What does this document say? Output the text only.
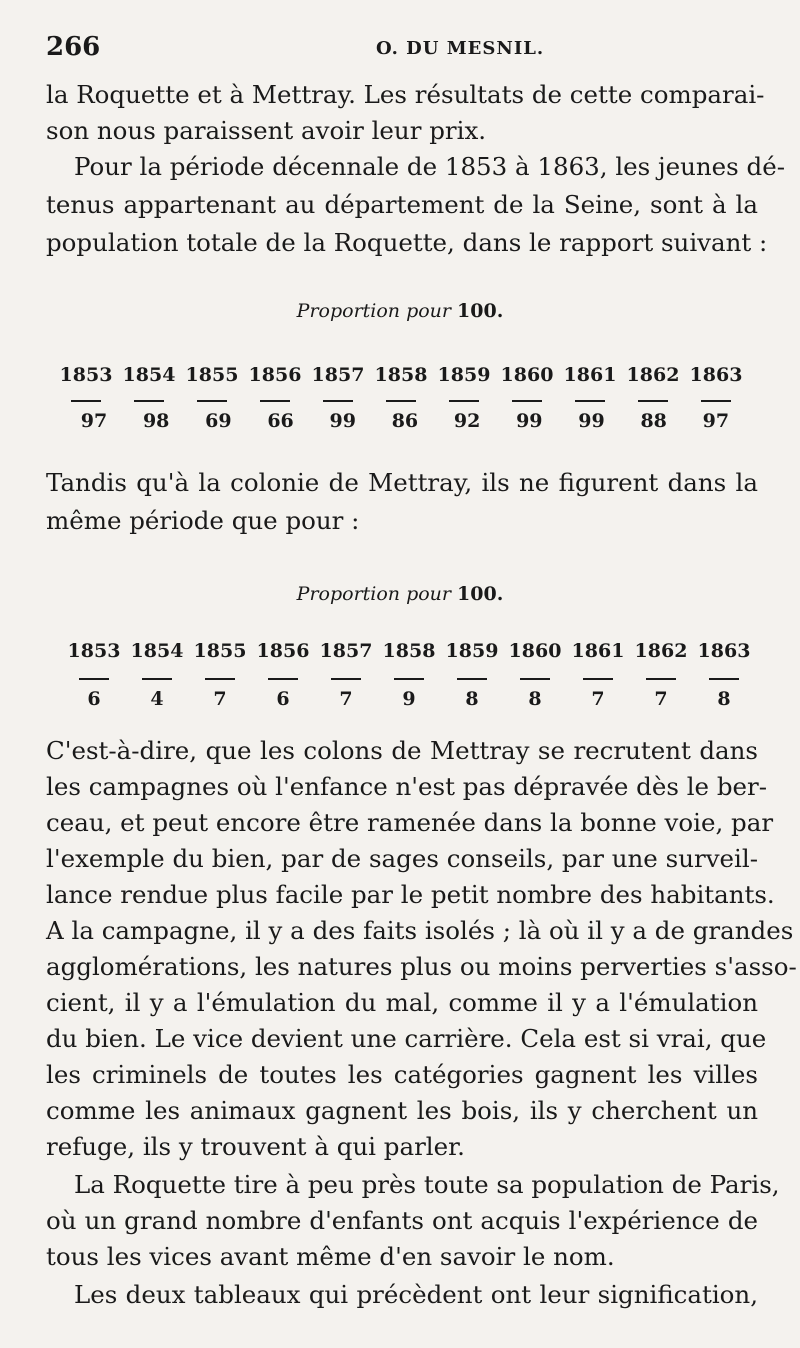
266	O. DU MESNIL.
la Roquette et à Mettray. Les résultats de cette comparai-
son nous paraissent avoir leur prix.
Pour la période décennale de 1853 à 1863, les jeunes dé-
tenus appartenant au département de la Seine, sont à la
population totale de la Roquette, dans le rapport suivant :
Proportion pour 100.
1853 1854 1855 1856 1857 1858 1859 1860 1861 1862 1863
97	98	69	66	99	86	92	99	99	88	97
Tandis qu'à la colonie de Mettray, ils ne figurent dans la
même période que pour :
Proportion pour 100.
1853 1854 1855 1856 1857 1858 1859 1860 1861 1862 1863
6	4	7	6	7	9	8	8	7	7	8
C'est-à-dire, que les colons de Mettray se recrutent dans
les campagnes où l'enfance n'est pas dépravée dès le ber-
ceau, et peut encore être ramenée dans la bonne voie, par
l'exemple du bien, par de sages conseils, par une surveil-
lance rendue plus facile par le petit nombre des habitants.
A la campagne, il y a des faits isolés ; là où il y a de grandes
agglomérations, les natures plus ou moins perverties s'asso-
cient, il y a l'émulation du mal, comme il y a l'émulation
du bien. Le vice devient une carrière. Cela est si vrai, que
les criminels de toutes les catégories gagnent les villes
comme les animaux gagnent les bois, ils y cherchent un
refuge, ils y trouvent à qui parler.
La Roquette tire à peu près toute sa population de Paris,
où un grand nombre d'enfants ont acquis l'expérience de
tous les vices avant même d'en savoir le nom.
Les deux tableaux qui précèdent ont leur signification,
